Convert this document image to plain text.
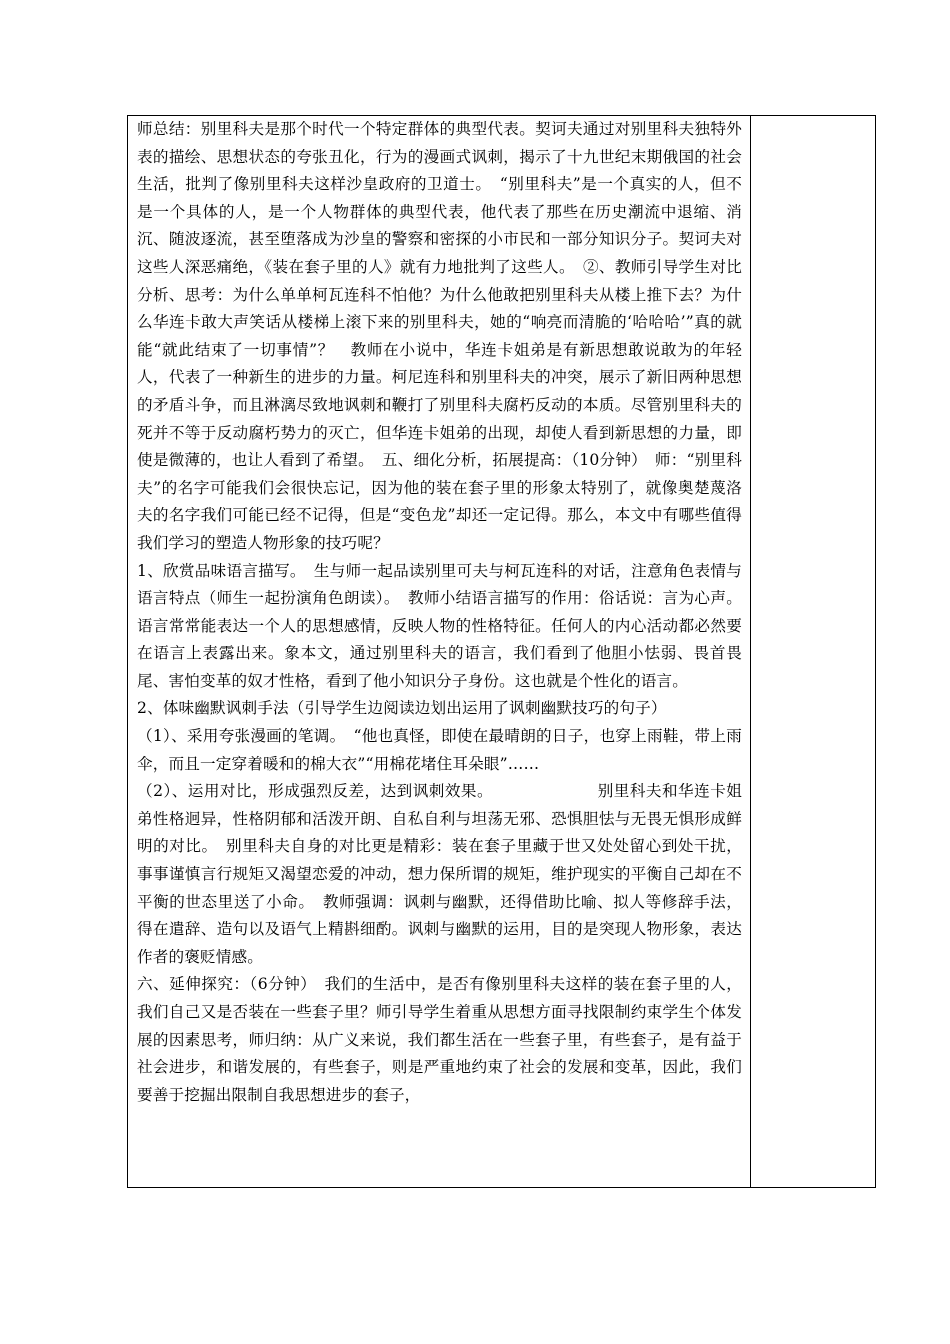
师总结：别里科夫是那个时代一个特定群体的典型代表。契诃夫通过对别里科夫独特外表的描绘、思想状态的夸张丑化，行为的漫画式讽刺，揭示了十九世纪末期俄国的社会生活，批判了像别里科夫这样沙皇政府的卫道士。　“别里科夫”是一个真实的人，但不是一个具体的人，是一个人物群体的典型代表，他代表了那些在历史潮流中退缩、消沉、随波逐流，甚至堕落成为沙皇的警察和密探的小市民和一部分知识分子。契诃夫对这些人深恶痛绝，《装在套子里的人》就有力地批判了这些人。　②、教师引导学生对比分析、思考：为什么单单柯瓦连科不怕他？为什么他敢把别里科夫从楼上推下去？为什么华连卡敢大声笑话从楼梯上滚下来的别里科夫，她的“响亮而清脆的‘哈哈哈’”真的就能“就此结束了一切事情”？　教师在小说中，华连卡姐弟是有新思想敢说敢为的年轻人，代表了一种新生的进步的力量。柯尼连科和别里科夫的冲突，展示了新旧两种思想的矛盾斗争，而且淋漓尽致地讽刺和鞭打了别里科夫腐朽反动的本质。尽管别里科夫的死并不等于反动腐朽势力的灭亡，但华连卡姐弟的出现，却使人看到新思想的力量，即使是微薄的，也让人看到了希望。　五、细化分析，拓展提高：（10分钟）　师：“别里科夫”的名字可能我们会很快忘记，因为他的装在套子里的形象太特别了，就像奥楚蔑洛夫的名字我们可能已经不记得，但是“变色龙”却还一定记得。那么，本文中有哪些值得我们学习的塑造人物形象的技巧呢？

1、欣赏品味语言描写。　生与师一起品读别里可夫与柯瓦连科的对话，注意角色表情与语言特点（师生一起扮演角色朗读）。　教师小结语言描写的作用：俗话说：言为心声。语言常常能表达一个人的思想感情，反映人物的性格特征。任何人的内心活动都必然要在语言上表露出来。象本文，通过别里科夫的语言，我们看到了他胆小怯弱、畏首畏尾、害怕变革的奴才性格，看到了他小知识分子身份。这也就是个性化的语言。

2、体味幽默讽刺手法（引导学生边阅读边划出运用了讽刺幽默技巧的句子）

（1）、采用夸张漫画的笔调。　“他也真怪，即使在最晴朗的日子，也穿上雨鞋，带上雨伞，而且一定穿着暖和的棉大衣”“用棉花堵住耳朵眼”……

（2）、运用对比，形成强烈反差，达到讽刺效果。　　　　　　　别里科夫和华连卡姐弟性格迥异，性格阴郁和活泼开朗、自私自利与坦荡无邪、恐惧胆怯与无畏无惧形成鲜明的对比。　别里科夫自身的对比更是精彩：装在套子里藏于世又处处留心到处干扰，事事谨慎言行规矩又渴望恋爱的冲动，想力保所谓的规矩，维护现实的平衡自己却在不平衡的世态里送了小命。　教师强调：讽刺与幽默，还得借助比喻、拟人等修辞手法，得在遣辞、造句以及语气上精斟细酌。讽刺与幽默的运用，目的是突现人物形象，表达作者的褒贬情感。

六、延伸探究：（6分钟）　我们的生活中，是否有像别里科夫这样的装在套子里的人，我们自己又是否装在一些套子里？师引导学生着重从思想方面寻找限制约束学生个体发展的因素思考，师归纳：从广义来说，我们都生活在一些套子里，有些套子，是有益于社会进步，和谐发展的，有些套子，则是严重地约束了社会的发展和变革，因此，我们要善于挖掘出限制自我思想进步的套子，
